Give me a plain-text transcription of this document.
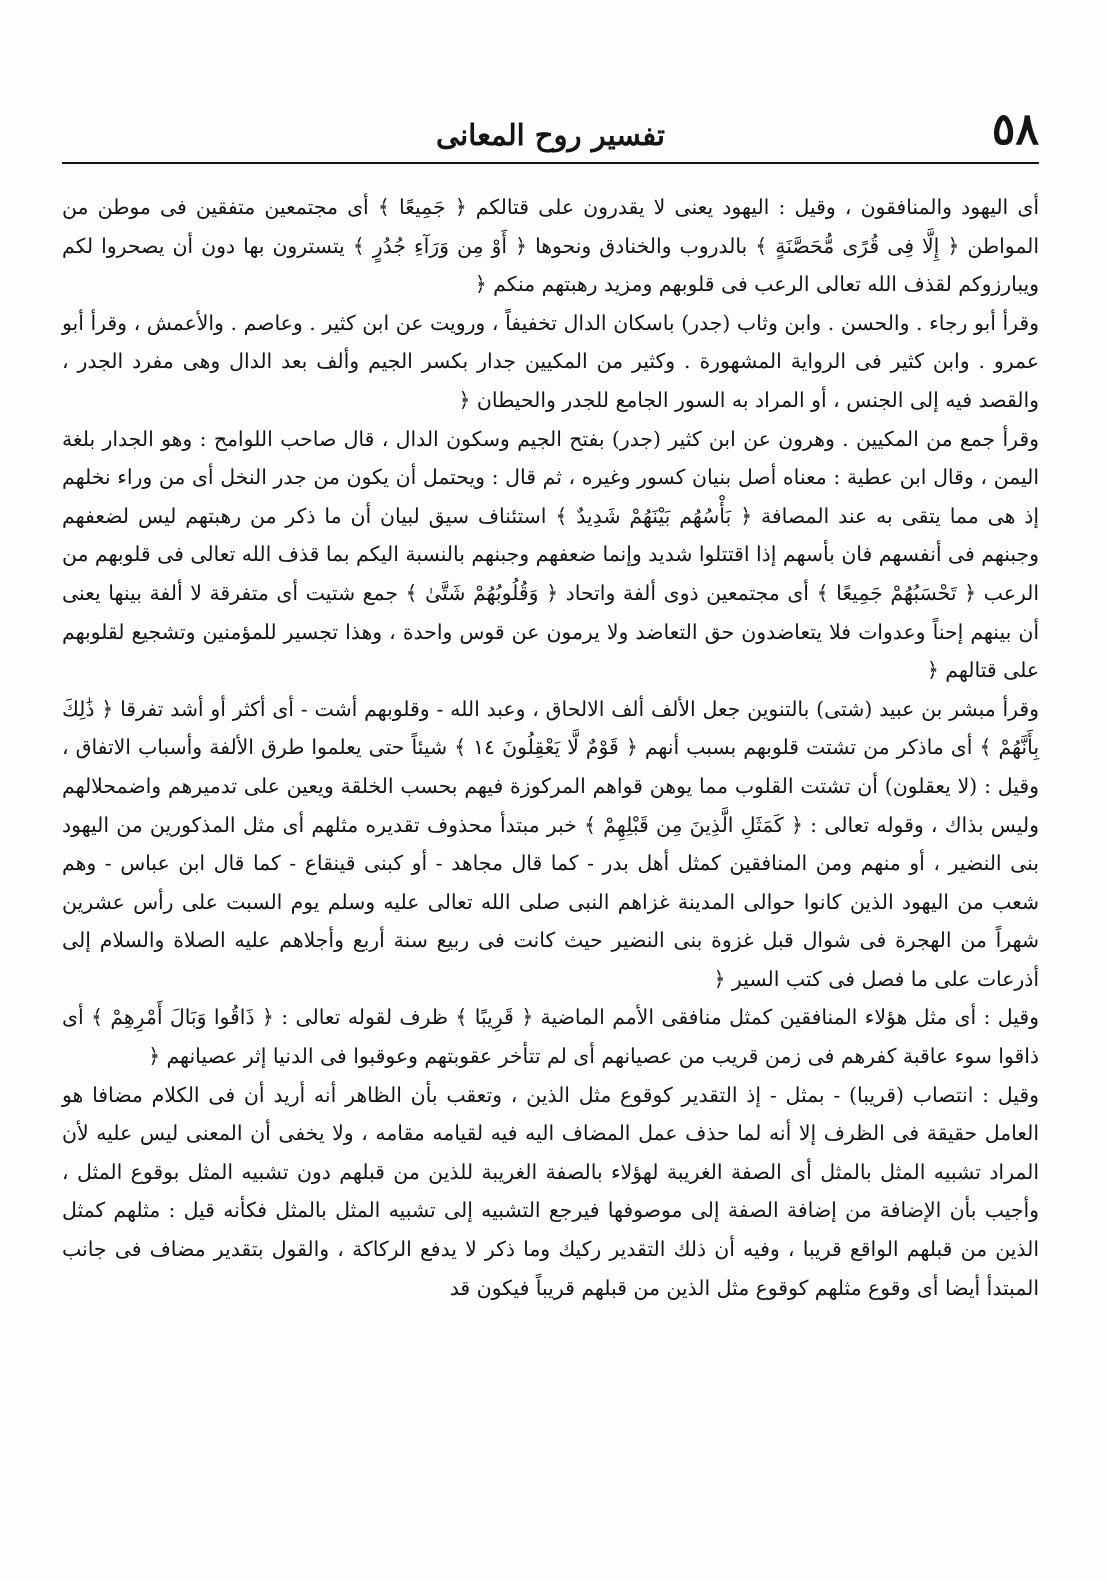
٥٨
تفسير روح المعانى

أى اليهود والمنافقون ، وقيل : اليهود يعنى لا يقدرون على قتالكم ﴿ جَمِيعًا ﴾ أى مجتمعين متفقين فى موطن من المواطن ﴿ إِلَّا فِى قُرًى مُّحَصَّنَةٍ ﴾ بالدروب والخنادق ونحوها ﴿ أَوْ مِن وَرَآءِ جُدُرٍ ﴾ يتسترون بها دون أن يصحروا لكم ويبارزوكم لقذف الله تعالى الرعب فى قلوبهم ومزيد رهبتهم منكم ﴿

وقرأ أبو رجاء . والحسن . وابن وثاب (جدر) باسكان الدال تخفيفاً ، ورويت عن ابن كثير . وعاصم . والأعمش ، وقرأ أبو عمرو . وابن كثير فى الرواية المشهورة . وكثير من المكيين جدار بكسر الجيم وألف بعد الدال وهى مفرد الجدر ، والقصد فيه إلى الجنس ، أو المراد به السور الجامع للجدر والحيطان ﴿

وقرأ جمع من المكيين . وهرون عن ابن كثير (جدر) بفتح الجيم وسكون الدال ، قال صاحب اللوامح : وهو الجدار بلغة اليمن ، وقال ابن عطية : معناه أصل بنيان كسور وغيره ، ثم قال : ويحتمل أن يكون من جدر النخل أى من وراء نخلهم إذ هى مما يتقى به عند المصافة ﴿ بَأْسُهُم بَيْنَهُمْ شَدِيدٌ ﴾ استئناف سيق لبيان أن ما ذكر من رهبتهم ليس لضعفهم وجبنهم فى أنفسهم فان بأسهم إذا اقتتلوا شديد وإنما ضعفهم وجبنهم بالنسبة اليكم بما قذف الله تعالى فى قلوبهم من الرعب ﴿ تَحْسَبُهُمْ جَمِيعًا ﴾ أى مجتمعين ذوى ألفة واتحاد ﴿ وَقُلُوبُهُمْ شَتَّىٰ ﴾ جمع شتيت أى متفرقة لا ألفة بينها يعنى أن بينهم إحناً وعدوات فلا يتعاضدون حق التعاضد ولا يرمون عن قوس واحدة ، وهذا تجسير للمؤمنين وتشجيع لقلوبهم على قتالهم ﴿

وقرأ مبشر بن عبيد (شتى) بالتنوين جعل الألف ألف الالحاق ، وعبد الله - وقلوبهم أشت - أى أكثر أو أشد تفرقا ﴿ ذَٰلِكَ بِأَنَّهُمْ ﴾ أى ماذكر من تشتت قلوبهم بسبب أنهم ﴿ قَوْمٌ لَّا يَعْقِلُونَ ١٤ ﴾ شيئاً حتى يعلموا طرق الألفة وأسباب الاتفاق ، وقيل : (لا يعقلون) أن تشتت القلوب مما يوهن قواهم المركوزة فيهم بحسب الخلقة ويعين على تدميرهم واضمحلالهم وليس بذاك ، وقوله تعالى : ﴿ كَمَثَلِ الَّذِينَ مِن قَبْلِهِمْ ﴾ خبر مبتدأ محذوف تقديره مثلهم أى مثل المذكورين من اليهود بنى النضير ، أو منهم ومن المنافقين كمثل أهل بدر - كما قال مجاهد - أو كبنى قينقاع - كما قال ابن عباس - وهم شعب من اليهود الذين كانوا حوالى المدينة غزاهم النبى صلى الله تعالى عليه وسلم يوم السبت على رأس عشرين شهراً من الهجرة فى شوال قبل غزوة بنى النضير حيث كانت فى ربيع سنة أربع وأجلاهم عليه الصلاة والسلام إلى أذرعات على ما فصل فى كتب السير ﴿

وقيل : أى مثل هؤلاء المنافقين كمثل منافقى الأمم الماضية ﴿ قَرِيبًا ﴾ ظرف لقوله تعالى : ﴿ ذَاقُوا وَبَالَ أَمْرِهِمْ ﴾ أى ذاقوا سوء عاقبة كفرهم فى زمن قريب من عصيانهم أى لم تتأخر عقوبتهم وعوقبوا فى الدنيا إثر عصيانهم ﴿

وقيل : انتصاب (قريبا) - بمثل - إذ التقدير كوقوع مثل الذين ، وتعقب بأن الظاهر أنه أريد أن فى الكلام مضافا هو العامل حقيقة فى الظرف إلا أنه لما حذف عمل المضاف اليه فيه لقيامه مقامه ، ولا يخفى أن المعنى ليس عليه لأن المراد تشبيه المثل بالمثل أى الصفة الغريبة لهؤلاء بالصفة الغريبة للذين من قبلهم دون تشبيه المثل بوقوع المثل ، وأجيب بأن الإضافة من إضافة الصفة إلى موصوفها فيرجع التشبيه إلى تشبيه المثل بالمثل فكأنه قيل : مثلهم كمثل الذين من قبلهم الواقع قريبا ، وفيه أن ذلك التقدير ركيك وما ذكر لا يدفع الركاكة ، والقول بتقدير مضاف فى جانب المبتدأ أيضا أى وقوع مثلهم كوقوع مثل الذين من قبلهم قريباً فيكون قد
